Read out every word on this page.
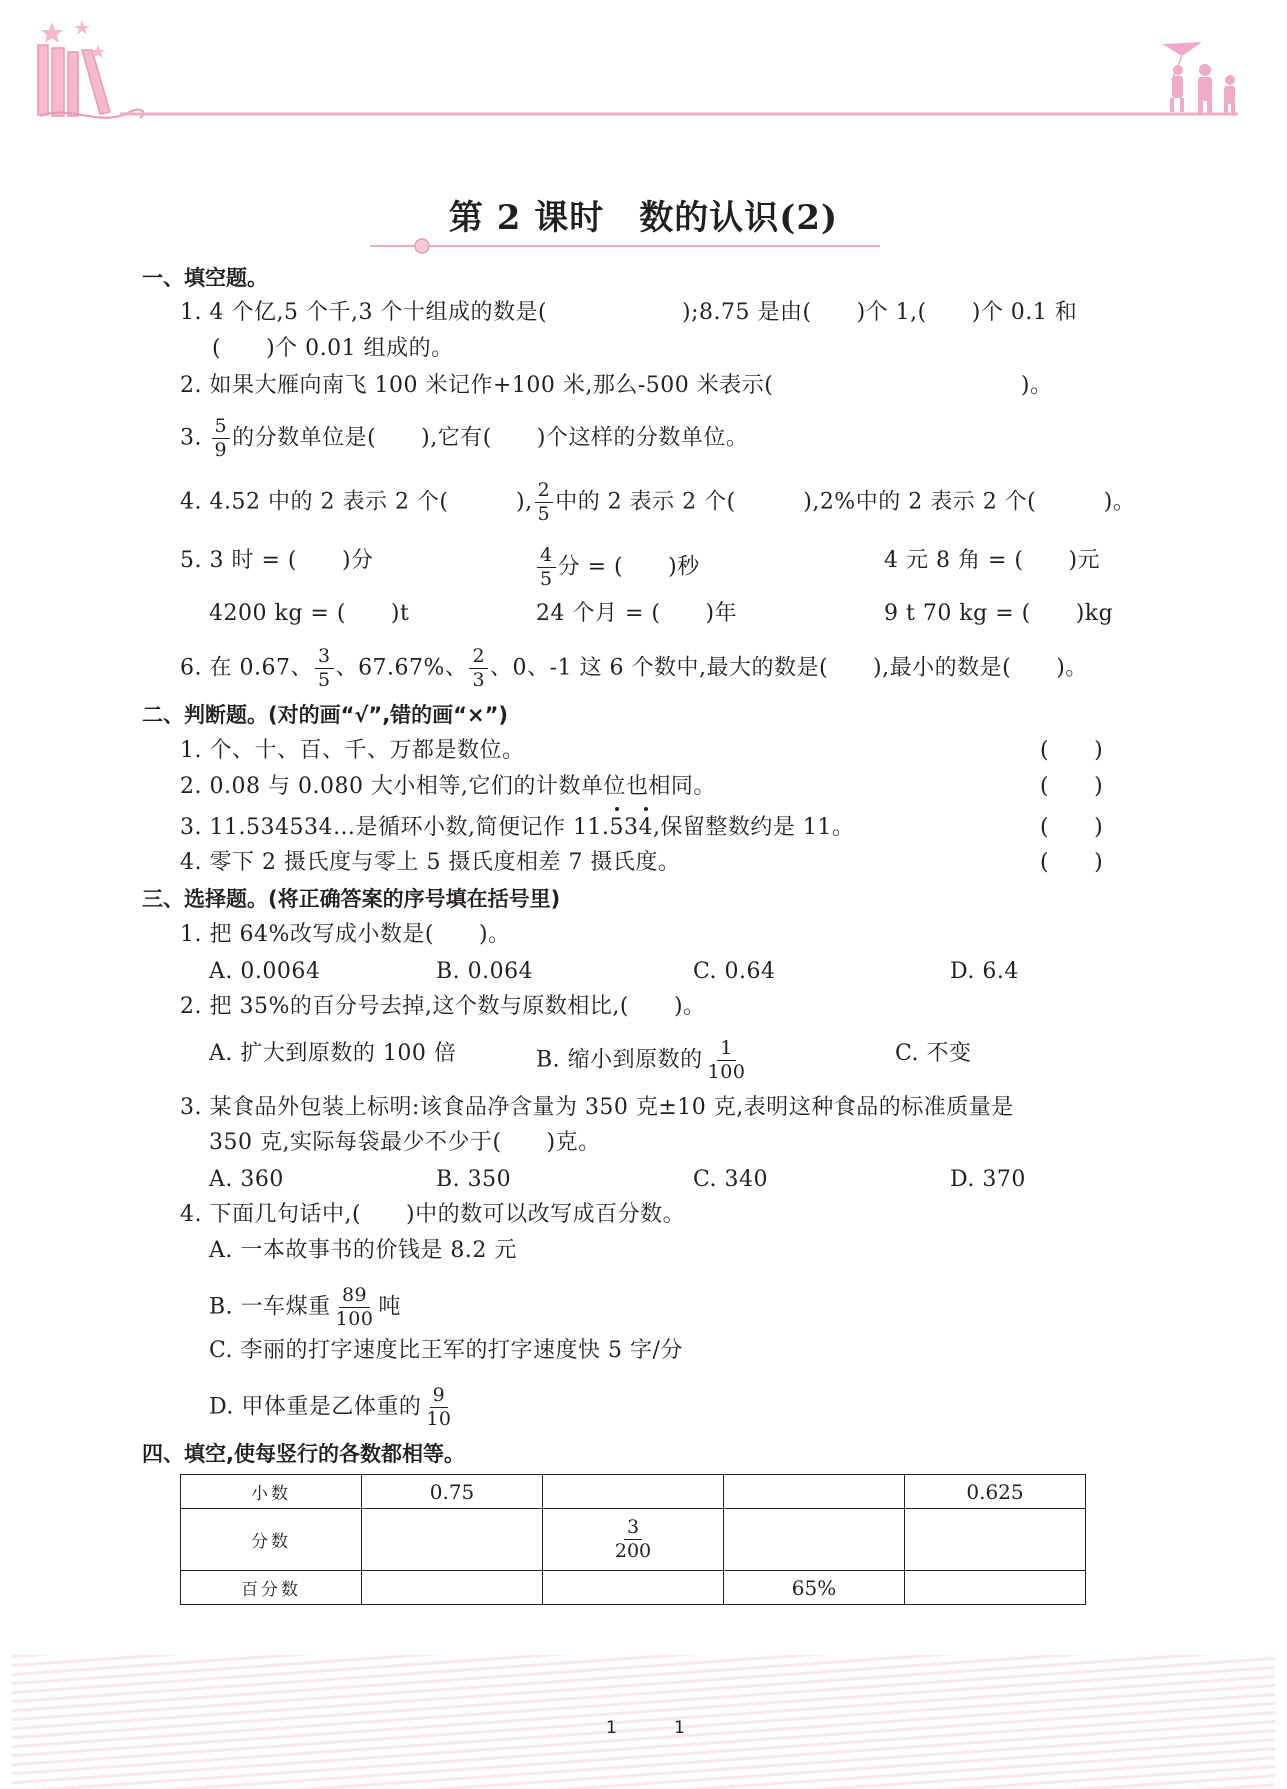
第 2 课时　数的认识(2)
一、填空题。
1. 4 个亿,5 个千,3 个十组成的数是(　　　　　　);8.75 是由(　　)个 1,(　　)个 0.1 和
(　　)个 0.01 组成的。
2. 如果大雁向南飞 100 米记作+100 米,那么-500 米表示(　　　　　　　　　　　)。
3. $\frac{5}{9}$ 的分数单位是(　　),它有(　　)个这样的分数单位。
4. 4.52 中的 2 表示 2 个(　　　), $\frac{2}{5}$ 中的 2 表示 2 个(　　　),2%中的 2 表示 2 个(　　　)。
5. 3 时 = (　　)分	$\frac{4}{5}$ 分 = (　　)秒	4 元 8 角 = (　　)元
4200 kg = (　　)t	24 个月 = (　　)年	9 t 70 kg = (　　)kg
6. 在 0.67、 $\frac{3}{5}$ 、67.67%、 $\frac{2}{3}$ 、0、-1 这 6 个数中,最大的数是(　　),最小的数是(　　)。
二、判断题。(对的画“√”,错的画“×”)
1. 个、十、百、千、万都是数位。	(　　)
2. 0.08 与 0.080 大小相等,它们的计数单位也相同。	(　　)
3. 11.534534…是循环小数,简便记作 11.534,保留整数约是 11。	(　　)
4. 零下 2 摄氏度与零上 5 摄氏度相差 7 摄氏度。	(　　)
三、选择题。(将正确答案的序号填在括号里)
1. 把 64%改写成小数是(　　)。
A. 0.0064	B. 0.064	C. 0.64	D. 6.4
2. 把 35%的百分号去掉,这个数与原数相比,(　　)。
A. 扩大到原数的 100 倍	B. 缩小到原数的 $\frac{1}{100}$	C. 不变
3. 某食品外包装上标明:该食品净含量为 350 克±10 克,表明这种食品的标准质量是
350 克,实际每袋最少不少于(　　)克。
A. 360	B. 350	C. 340	D. 370
4. 下面几句话中,(　　)中的数可以改写成百分数。
A. 一本故事书的价钱是 8.2 元
B. 一车煤重 $\frac{89}{100}$ 吨
C. 李丽的打字速度比王军的打字速度快 5 字/分
D. 甲体重是乙体重的 $\frac{9}{10}$
四、填空,使每竖行的各数都相等。
小数	0.75			0.625
分数		$\frac{3}{200}$

百分数			65%	
1	1
